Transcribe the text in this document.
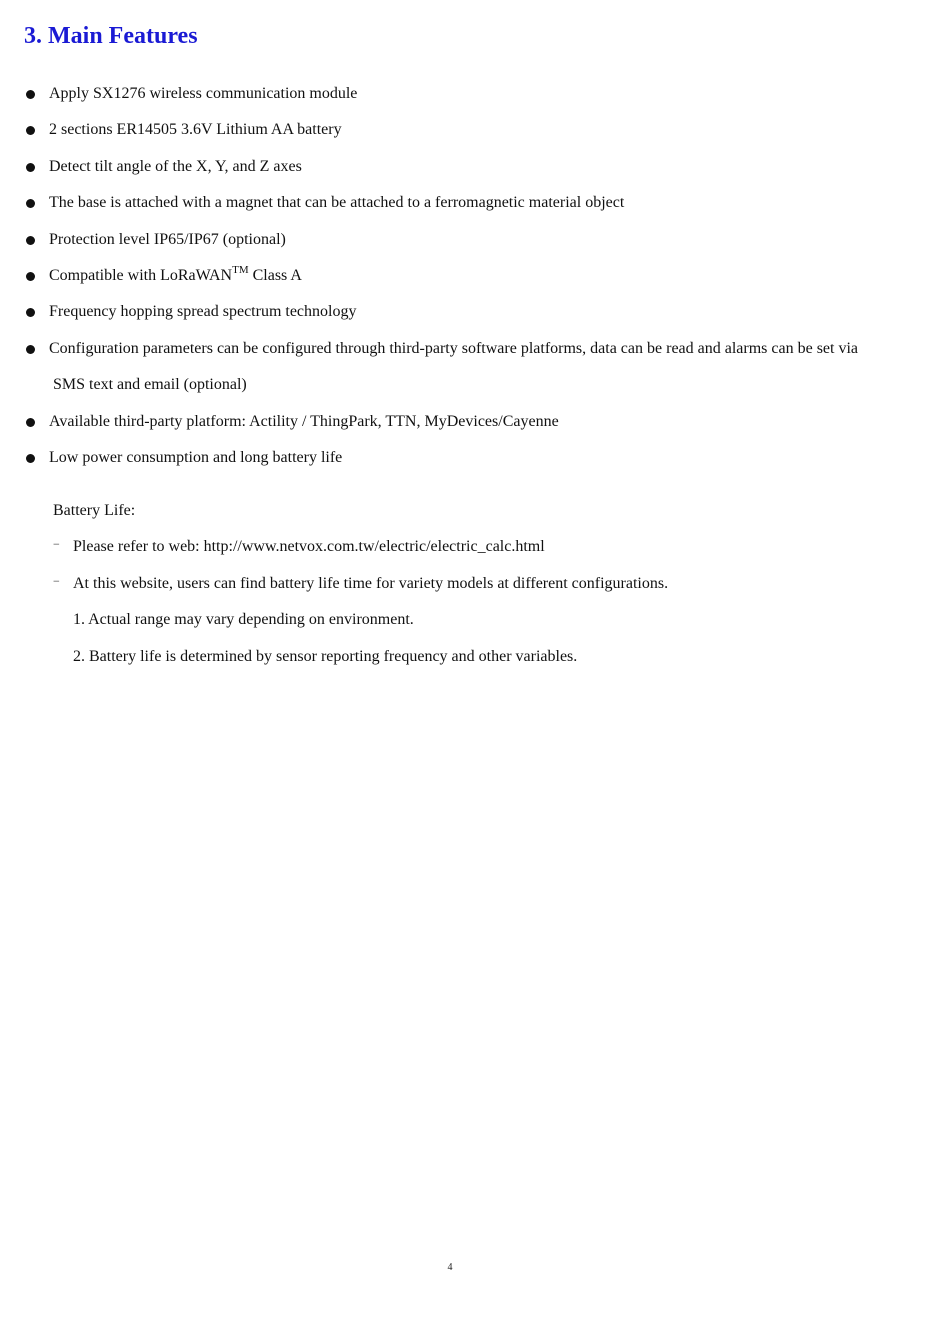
3. Main Features
Apply SX1276 wireless communication module
2 sections ER14505 3.6V Lithium AA battery
Detect tilt angle of the X, Y, and Z axes
The base is attached with a magnet that can be attached to a ferromagnetic material object
Protection level IP65/IP67 (optional)
Compatible with LoRaWAN™ Class A
Frequency hopping spread spectrum technology
Configuration parameters can be configured through third-party software platforms, data can be read and alarms can be set via
SMS text and email (optional)
Available third-party platform: Actility / ThingPark, TTN, MyDevices/Cayenne
Low power consumption and long battery life
Battery Life:
− Please refer to web: http://www.netvox.com.tw/electric/electric_calc.html
− At this website, users can find battery life time for variety models at different configurations.
1. Actual range may vary depending on environment.
2. Battery life is determined by sensor reporting frequency and other variables.
4
